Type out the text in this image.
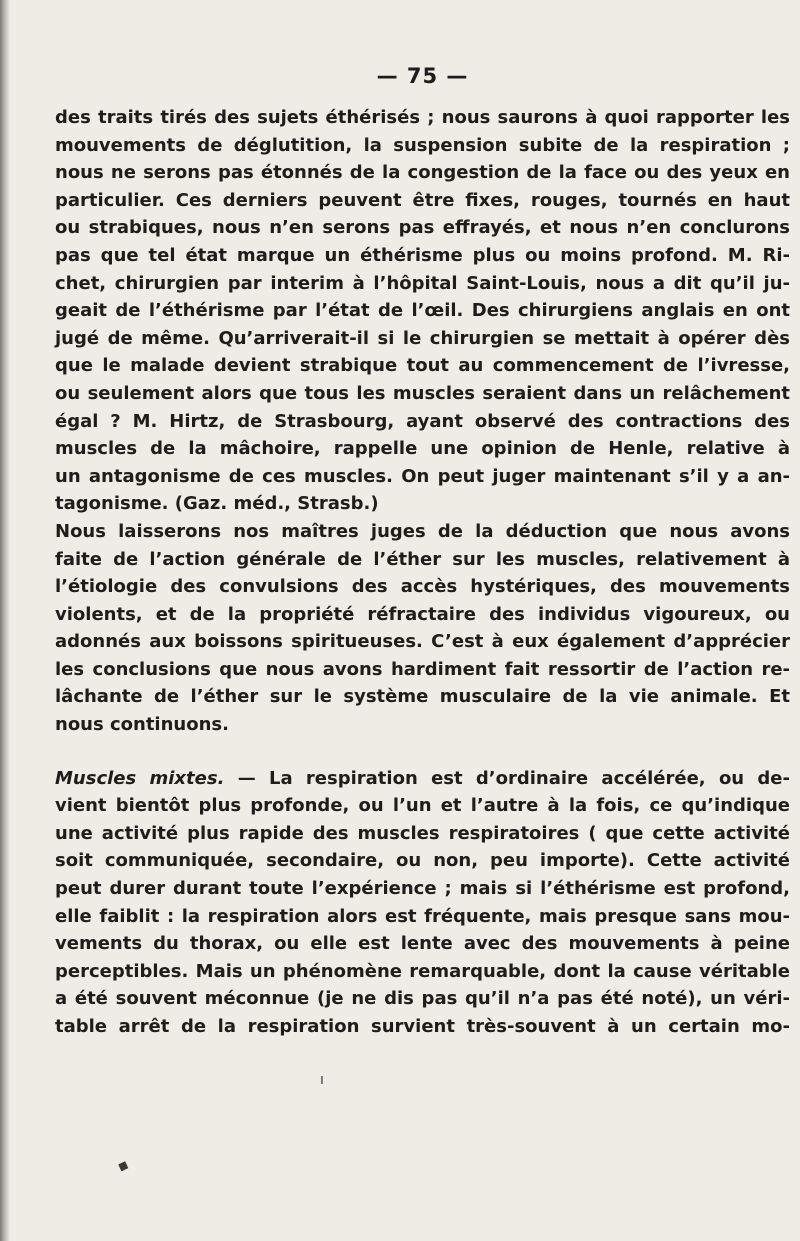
— 75 —
des traits tirés des sujets éthérisés ; nous saurons à quoi rapporter les
mouvements de déglutition, la suspension subite de la respiration ;
nous ne serons pas étonnés de la congestion de la face ou des yeux en
particulier. Ces derniers peuvent être fixes, rouges, tournés en haut
ou strabiques, nous n’en serons pas effrayés, et nous n’en conclurons
pas que tel état marque un éthérisme plus ou moins profond. M. Ri-
chet, chirurgien par interim à l’hôpital Saint-Louis, nous a dit qu’il ju-
geait de l’éthérisme par l’état de l’œil. Des chirurgiens anglais en ont
jugé de même. Qu’arriverait-il si le chirurgien se mettait à opérer dès
que le malade devient strabique tout au commencement de l’ivresse,
ou seulement alors que tous les muscles seraient dans un relâchement
égal ? M. Hirtz, de Strasbourg, ayant observé des contractions des
muscles de la mâchoire, rappelle une opinion de Henle, relative à
un antagonisme de ces muscles. On peut juger maintenant s’il y a an-
tagonisme. (Gaz. méd., Strasb.)
Nous laisserons nos maîtres juges de la déduction que nous avons
faite de l’action générale de l’éther sur les muscles, relativement à
l’étiologie des convulsions des accès hystériques, des mouvements
violents, et de la propriété réfractaire des individus vigoureux, ou
adonnés aux boissons spiritueuses. C’est à eux également d’apprécier
les conclusions que nous avons hardiment fait ressortir de l’action re-
lâchante de l’éther sur le système musculaire de la vie animale. Et
nous continuons.
Muscles mixtes. — La respiration est d’ordinaire accélérée, ou de-
vient bientôt plus profonde, ou l’un et l’autre à la fois, ce qu’indique
une activité plus rapide des muscles respiratoires ( que cette activité
soit communiquée, secondaire, ou non, peu importe). Cette activité
peut durer durant toute l’expérience ; mais si l’éthérisme est profond,
elle faiblit : la respiration alors est fréquente, mais presque sans mou-
vements du thorax, ou elle est lente avec des mouvements à peine
perceptibles. Mais un phénomène remarquable, dont la cause véritable
a été souvent méconnue (je ne dis pas qu’il n’a pas été noté), un véri-
table arrêt de la respiration survient très-souvent à un certain mo-
ı
◆
